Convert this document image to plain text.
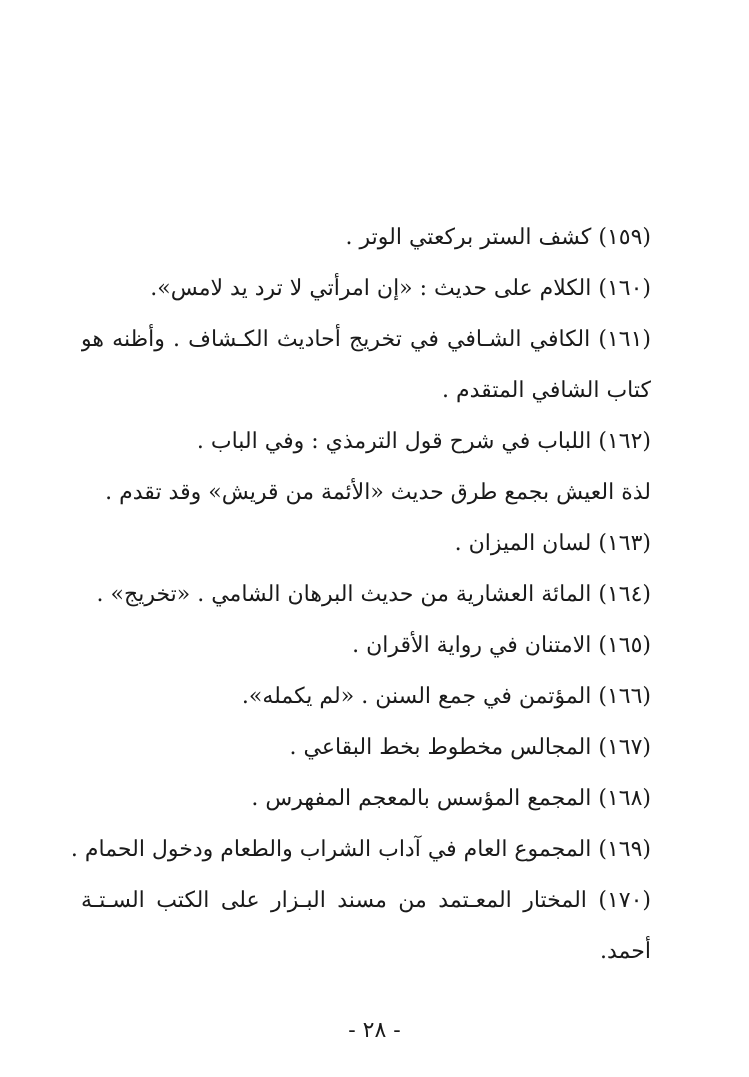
(١٥٩) كشف الستر بركعتي الوتر .
(١٦٠) الكلام على حديث : «إن امرأتي لا ترد يد لامس».
(١٦١) الكافي الشـافي في تخريج أحاديث الكـشاف . وأظنه هو
كتاب الشافي المتقدم .
(١٦٢) اللباب في شرح قول الترمذي : وفي الباب .
لذة العيش بجمع طرق حديث «الأئمة من قريش» وقد تقدم .
(١٦٣) لسان الميزان .
(١٦٤) المائة العشارية من حديث البرهان الشامي . «تخريج» .
(١٦٥) الامتنان في رواية الأقران .
(١٦٦) المؤتمن في جمع السنن . «لم يكمله».
(١٦٧) المجالس مخطوط بخط البقاعي .
(١٦٨) المجمع المؤسس بالمعجم المفهرس .
(١٦٩) المجموع العام في آداب الشراب والطعام ودخول الحمام .
(١٧٠) المختار المعـتمد من مسند البـزار على الكتب السـتـة
أحمد.
- ٢٨ -
